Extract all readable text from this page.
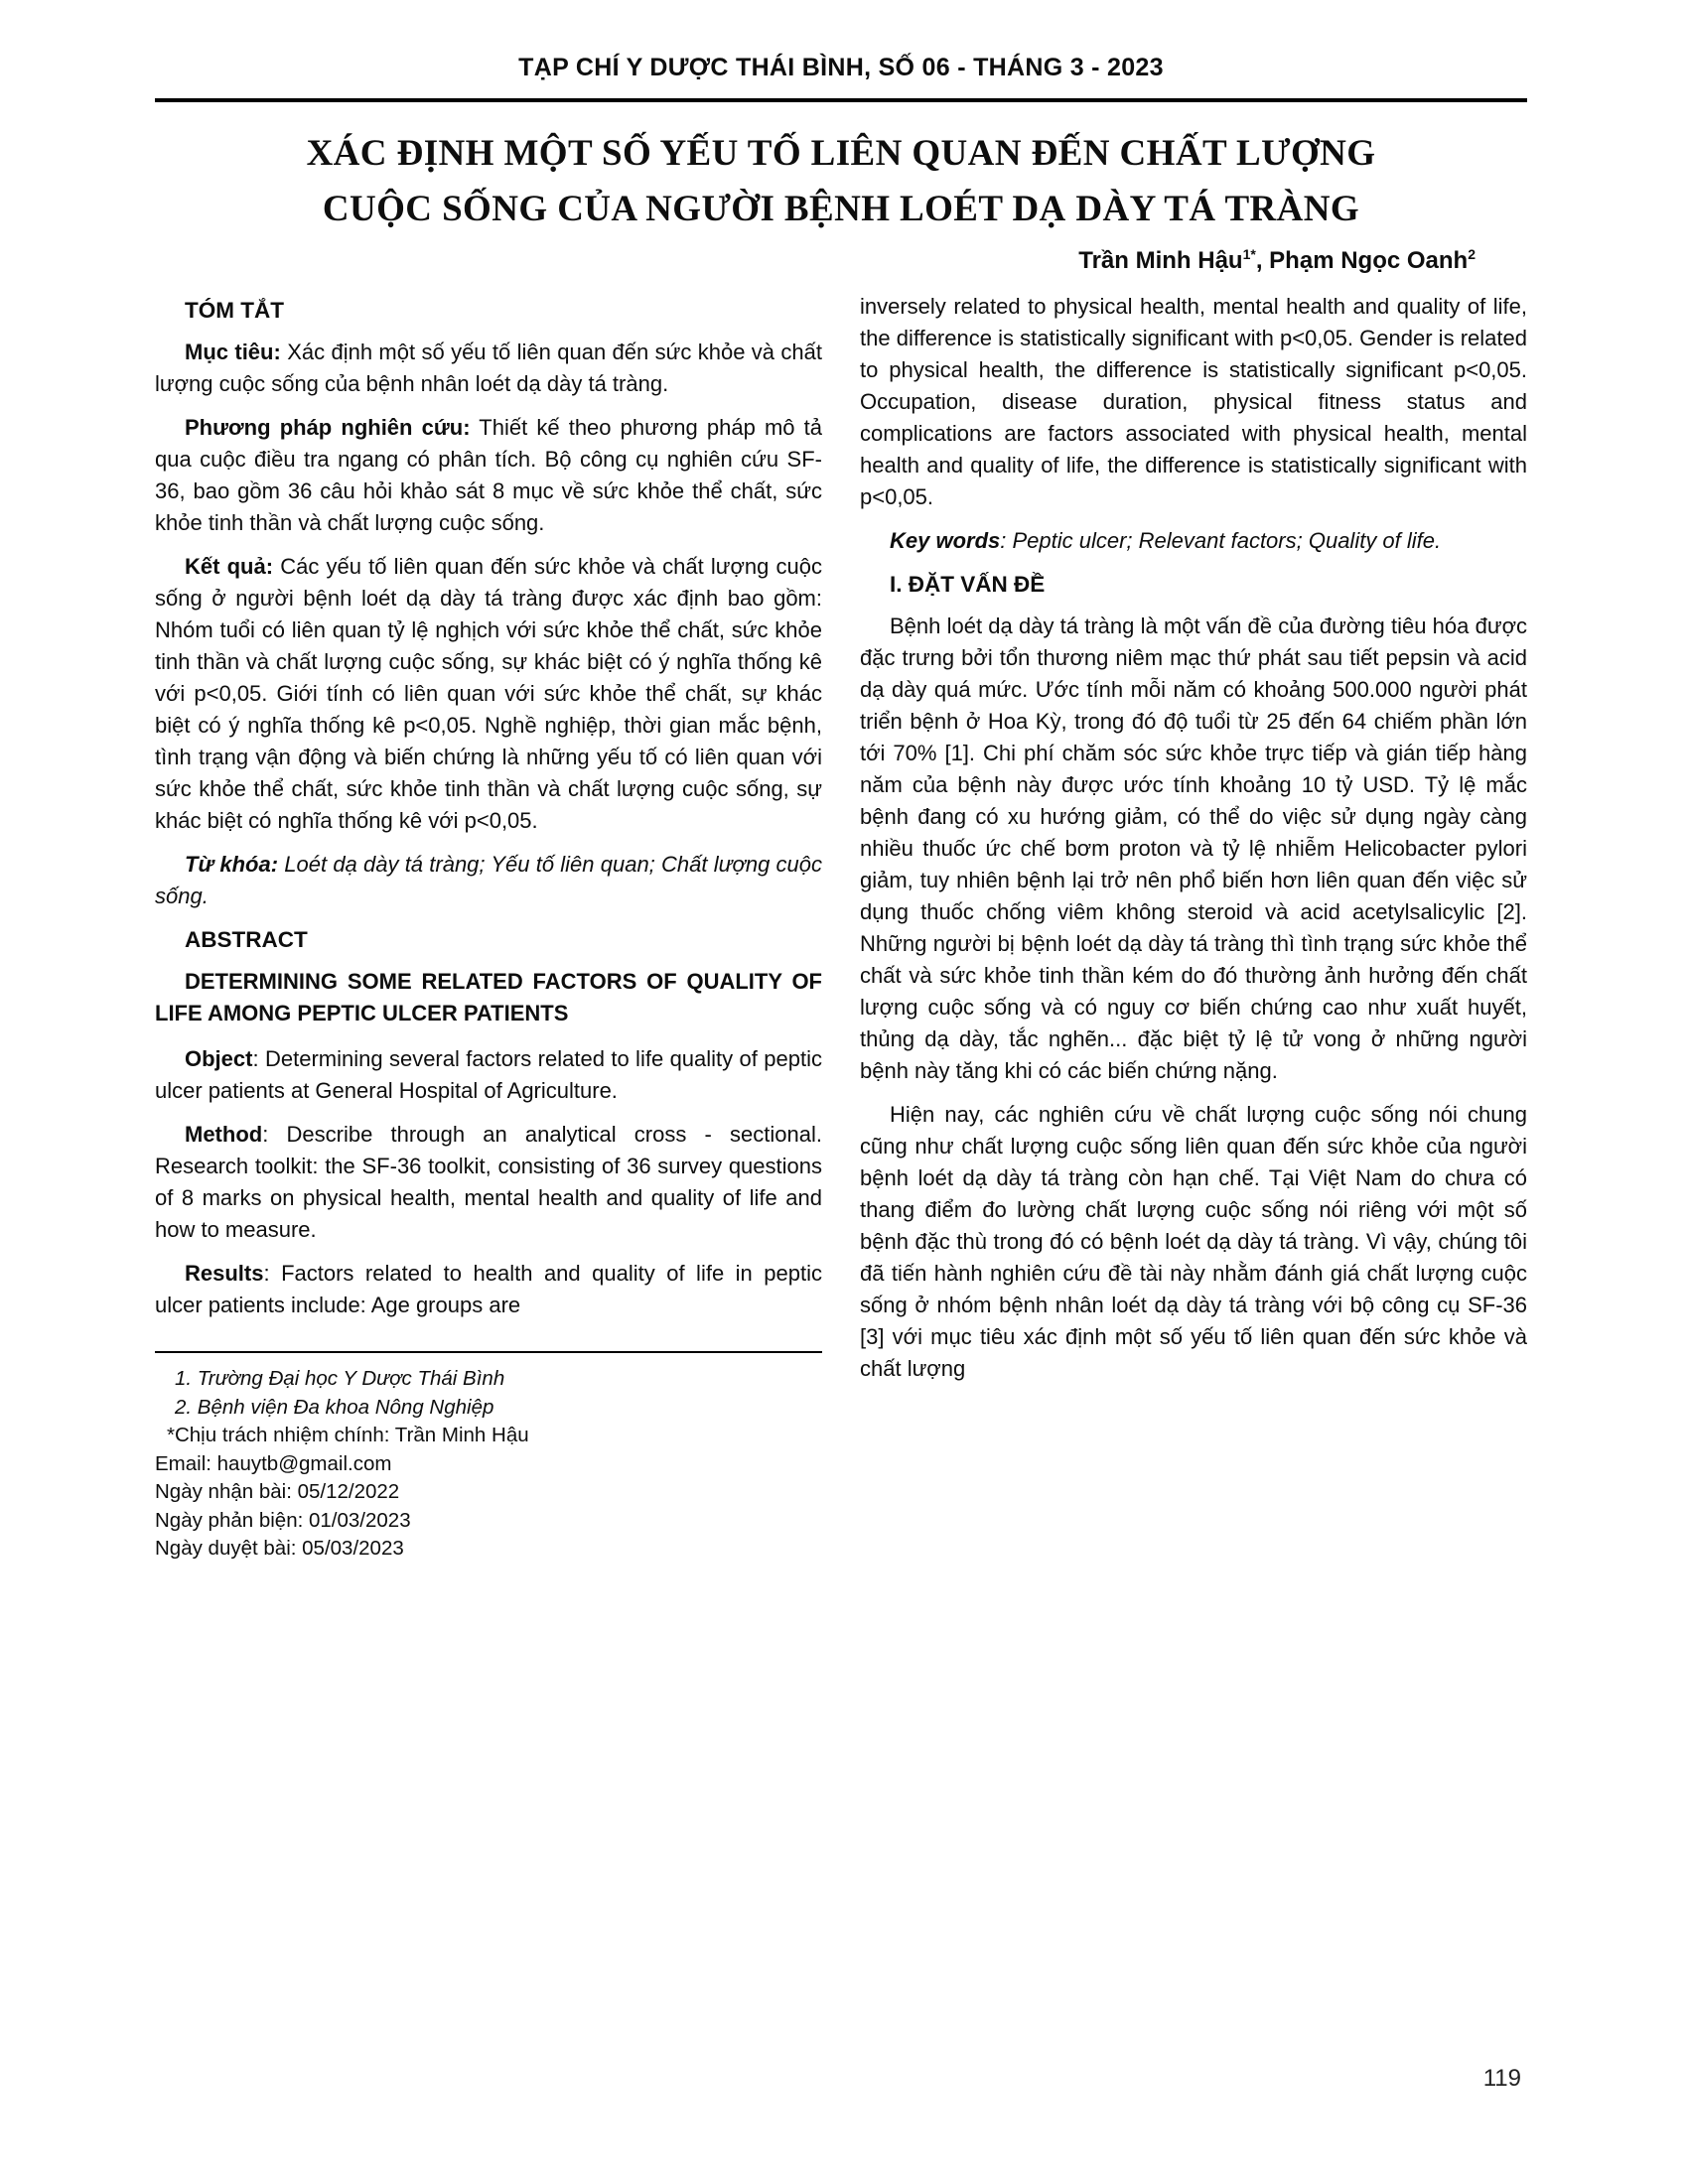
TẠP CHÍ Y DƯỢC THÁI BÌNH, SỐ 06 - THÁNG 3 - 2023
XÁC ĐỊNH MỘT SỐ YẾU TỐ LIÊN QUAN ĐẾN CHẤT LƯỢNG
CUỘC SỐNG CỦA NGƯỜI BỆNH LOÉT DẠ DÀY TÁ TRÀNG
Trần Minh Hậu$^{1*}$, Phạm Ngọc Oanh$^2$
TÓM TẮT

Mục tiêu: Xác định một số yếu tố liên quan đến sức khỏe và chất lượng cuộc sống của bệnh nhân loét dạ dày tá tràng.

Phương pháp nghiên cứu: Thiết kế theo phương pháp mô tả qua cuộc điều tra ngang có phân tích. Bộ công cụ nghiên cứu SF-36, bao gồm 36 câu hỏi khảo sát 8 mục về sức khỏe thể chất, sức khỏe tinh thần và chất lượng cuộc sống.

Kết quả: Các yếu tố liên quan đến sức khỏe và chất lượng cuộc sống ở người bệnh loét dạ dày tá tràng được xác định bao gồm: Nhóm tuổi có liên quan tỷ lệ nghịch với sức khỏe thể chất, sức khỏe tinh thần và chất lượng cuộc sống, sự khác biệt có ý nghĩa thống kê với p<0,05. Giới tính có liên quan với sức khỏe thể chất, sự khác biệt có ý nghĩa thống kê p<0,05. Nghề nghiệp, thời gian mắc bệnh, tình trạng vận động và biến chứng là những yếu tố có liên quan với sức khỏe thể chất, sức khỏe tinh thần và chất lượng cuộc sống, sự khác biệt có nghĩa thống kê với p<0,05.

Từ khóa: Loét dạ dày tá tràng; Yếu tố liên quan; Chất lượng cuộc sống.

ABSTRACT

DETERMINING SOME RELATED FACTORS OF QUALITY OF LIFE AMONG PEPTIC ULCER PATIENTS

Object: Determining several factors related to life quality of peptic ulcer patients at General Hospital of Agriculture.

Method: Describe through an analytical cross - sectional. Research toolkit: the SF-36 toolkit, consisting of 36 survey questions of 8 marks on physical health, mental health and quality of life and how to measure.

Results: Factors related to health and quality of life in peptic ulcer patients include: Age groups are

1. Trường Đại học Y Dược Thái Bình
2. Bệnh viện Đa khoa Nông Nghiệp
*Chịu trách nhiệm chính: Trần Minh Hậu
Email: hauytb@gmail.com
Ngày nhận bài: 05/12/2022
Ngày phản biện: 01/03/2023
Ngày duyệt bài: 05/03/2023

inversely related to physical health, mental health and quality of life, the difference is statistically significant with p<0,05. Gender is related to physical health, the difference is statistically significant p<0,05. Occupation, disease duration, physical fitness status and complications are factors associated with physical health, mental health and quality of life, the difference is statistically significant with p<0,05.

Key words: Peptic ulcer; Relevant factors; Quality of life.

I. ĐẶT VẤN ĐỀ

Bệnh loét dạ dày tá tràng là một vấn đề của đường tiêu hóa được đặc trưng bởi tổn thương niêm mạc thứ phát sau tiết pepsin và acid dạ dày quá mức. Ước tính mỗi năm có khoảng 500.000 người phát triển bệnh ở Hoa Kỳ, trong đó độ tuổi từ 25 đến 64 chiếm phần lớn tới 70% [1]. Chi phí chăm sóc sức khỏe trực tiếp và gián tiếp hàng năm của bệnh này được ước tính khoảng 10 tỷ USD. Tỷ lệ mắc bệnh đang có xu hướng giảm, có thể do việc sử dụng ngày càng nhiều thuốc ức chế bơm proton và tỷ lệ nhiễm Helicobacter pylori giảm, tuy nhiên bệnh lại trở nên phổ biến hơn liên quan đến việc sử dụng thuốc chống viêm không steroid và acid acetylsalicylic [2]. Những người bị bệnh loét dạ dày tá tràng thì tình trạng sức khỏe thể chất và sức khỏe tinh thần kém do đó thường ảnh hưởng đến chất lượng cuộc sống và có nguy cơ biến chứng cao như xuất huyết, thủng dạ dày, tắc nghẽn... đặc biệt tỷ lệ tử vong ở những người bệnh này tăng khi có các biến chứng nặng.

Hiện nay, các nghiên cứu về chất lượng cuộc sống nói chung cũng như chất lượng cuộc sống liên quan đến sức khỏe của người bệnh loét dạ dày tá tràng còn hạn chế. Tại Việt Nam do chưa có thang điểm đo lường chất lượng cuộc sống nói riêng với một số bệnh đặc thù trong đó có bệnh loét dạ dày tá tràng. Vì vậy, chúng tôi đã tiến hành nghiên cứu đề tài này nhằm đánh giá chất lượng cuộc sống ở nhóm bệnh nhân loét dạ dày tá tràng với bộ công cụ SF-36 [3] với mục tiêu xác định một số yếu tố liên quan đến sức khỏe và chất lượng

119
